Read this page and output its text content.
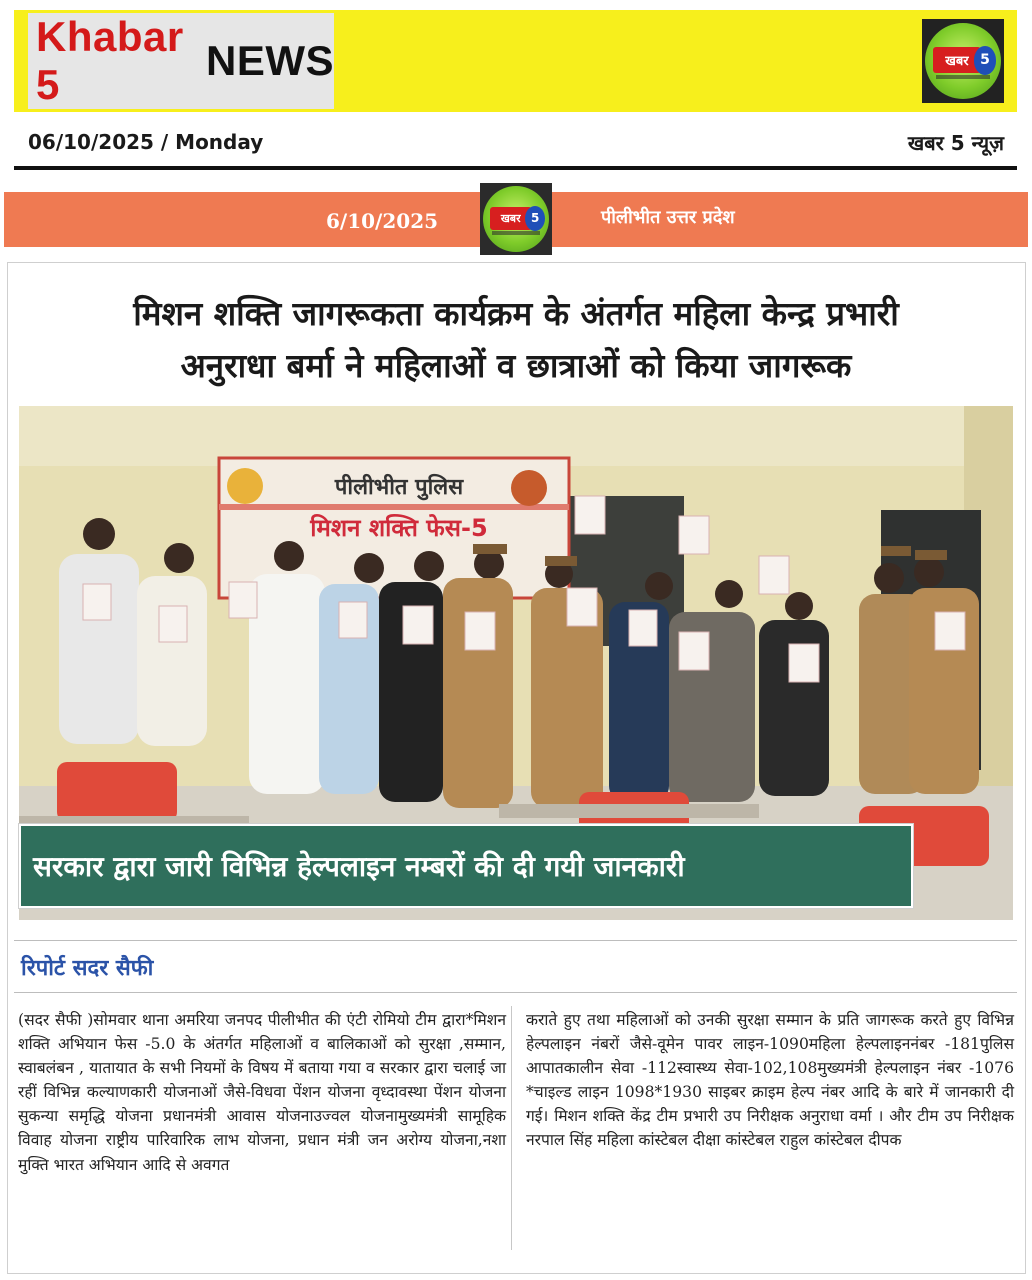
Khabar 5
NEWS	खबर 5
06/10/2025 / Monday	खबर 5 न्यूज़
6/10/2025	पीलीभीत उत्तर प्रदेश
खबर 5
मिशन शक्ति जागरूकता कार्यक्रम के अंतर्गत महिला केन्द्र प्रभारी
अनुराधा बर्मा ने महिलाओं व छात्राओं को किया जागरूक
पीलीभीत पुलिस
मिशन शक्ति फेस-5
सरकार द्वारा जारी विभिन्न हेल्पलाइन नम्बरों की दी गयी जानकारी
रिपोर्ट सदर सैफी
(सदर सैफी )सोमवार थाना अमरिया जनपद पीलीभीत की एंटी रोमियो टीम द्वारा*मिशन शक्ति अभियान फेस -5.0 के अंतर्गत महिलाओं व बालिकाओं को सुरक्षा ,सम्मान, स्वाबलंबन , यातायात के सभी नियमों के विषय में बताया गया व सरकार द्वारा चलाई जा रहीं विभिन्न कल्याणकारी योजनाओं जैसे-विधवा पेंशन योजना वृध्दावस्था पेंशन योजना सुकन्या समृद्धि योजना प्रधानमंत्री आवास योजनाउज्वल योजनामुख्यमंत्री सामूहिक विवाह योजना राष्ट्रीय पारिवारिक लाभ योजना, प्रधान मंत्री जन अरोग्य योजना,नशा मुक्ति भारत अभियान आदि से अवगत
कराते हुए तथा महिलाओं को उनकी सुरक्षा सम्मान के प्रति जागरूक करते हुए विभिन्न हेल्पलाइन नंबरों जैसे-वूमेन पावर लाइन-1090महिला हेल्पलाइननंबर -181पुलिस आपातकालीन सेवा -112स्वास्थ्य सेवा-102,108मुख्यमंत्री हेल्पलाइन नंबर -1076 *चाइल्ड लाइन 1098*1930 साइबर क्राइम हेल्प नंबर आदि के बारे में जानकारी दी गई। मिशन शक्ति केंद्र टीम प्रभारी उप निरीक्षक अनुराधा वर्मा । और टीम उप निरीक्षक नरपाल सिंह महिला कांस्टेबल दीक्षा कांस्टेबल राहुल कांस्टेबल दीपक
